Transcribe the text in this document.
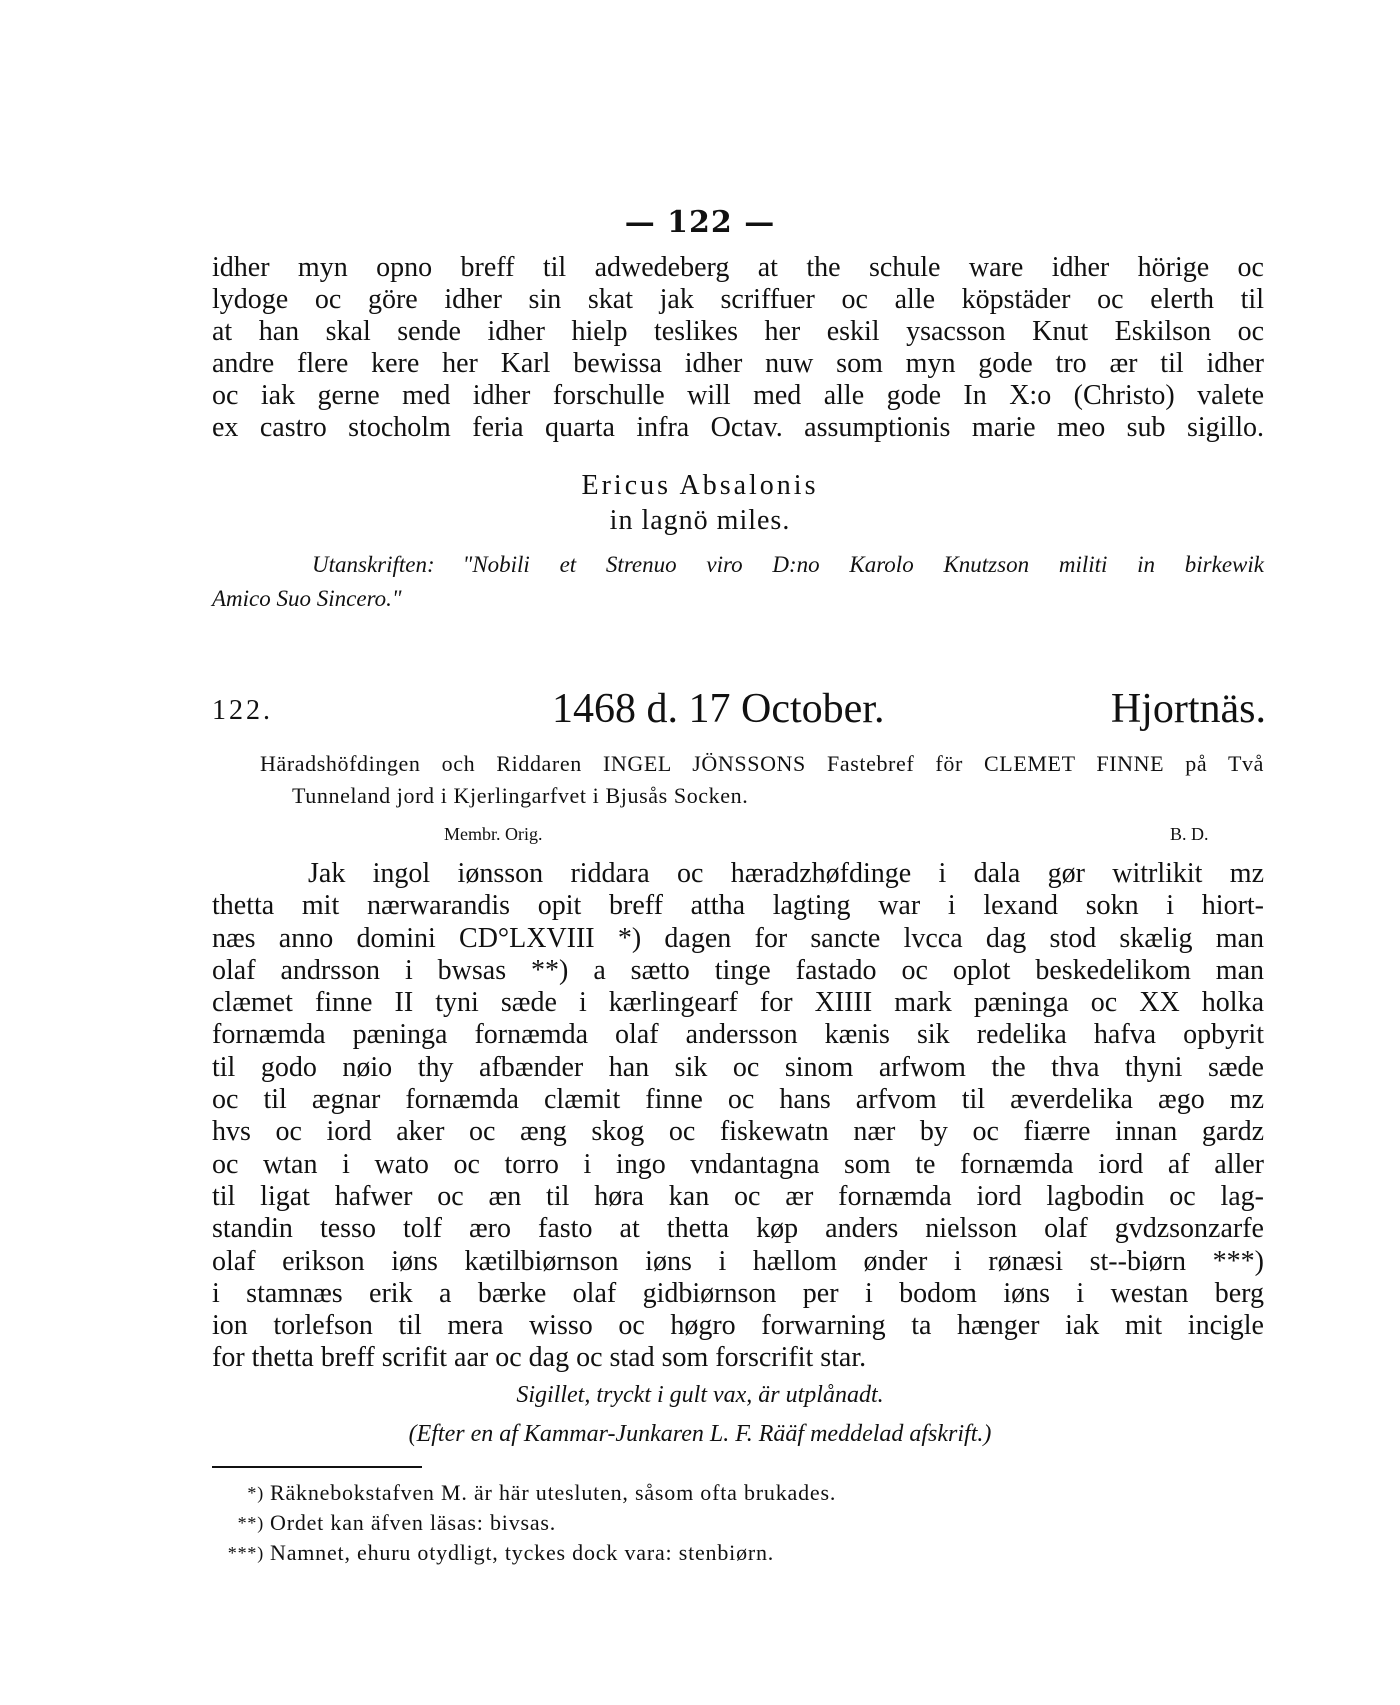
— 122 —
idher myn opno breff til adwedeberg at the schule ware idher hörige oc
lydoge oc göre idher sin skat jak scriffuer oc alle köpstäder oc elerth til
at han skal sende idher hielp teslikes her eskil ysacsson Knut Eskilson oc
andre flere kere her Karl bewissa idher nuw som myn gode tro ær til idher
oc iak gerne med idher forschulle will med alle gode In X:o (Christo) valete
ex castro stocholm feria quarta infra Octav. assumptionis marie meo sub sigillo.
Ericus Absalonis
in lagnö miles.
Utanskriften:	"Nobili et Strenuo viro D:no Karolo Knutzson militi in birkewik
Amico Suo Sincero."
122.	1468 d. 17 October.	Hjortnäs.
Häradshöfdingen och Riddaren INGEL JÖNSSONS Fastebref för CLEMET FINNE på Två
Tunneland jord i Kjerlingarfvet i Bjusås Socken.
Membr. Orig.	B. D.
Jak ingol iønsson riddara oc hæradzhøfdinge i dala gør witrlikit mz
thetta mit nærwarandis opit breff attha lagting war i lexand sokn i hiort-
næs anno domini CD°LXVIII *) dagen for sancte lvcca dag stod skælig man
olaf andrsson i bwsas **) a sætto tinge fastado oc oplot beskedelikom man
clæmet finne II tyni sæde i kærlingearf for XIIII mark pæninga oc XX holka
fornæmda pæninga fornæmda olaf andersson kænis sik redelika hafva opbyrit
til godo nøio thy afbænder han sik oc sinom arfwom the thva thyni sæde
oc til ægnar fornæmda clæmit finne oc hans arfvom til æverdelika ægo mz
hvs oc iord aker oc æng skog oc fiskewatn nær by oc fiærre innan gardz
oc wtan i wato oc torro i ingo vndantagna som te fornæmda iord af aller
til ligat hafwer oc æn til høra kan oc ær fornæmda iord lagbodin oc lag-
standin tesso tolf æro fasto at thetta køp anders nielsson olaf gvdzsonzarfe
olaf erikson iøns kætilbiørnson iøns i hællom ønder i rønæsi st--biørn ***)
i stamnæs erik a bærke olaf gidbiørnson per i bodom iøns i westan berg
ion torlefson til mera wisso oc høgro forwarning ta hænger iak mit incigle
for thetta breff scrifit aar oc dag oc stad som forscrifit star.
Sigillet, tryckt i gult vax, är utplånadt.
(Efter en af Kammar-Junkaren L. F. Rääf meddelad afskrift.)
*) Räknebokstafven M. är här utesluten, såsom ofta brukades.
**) Ordet kan äfven läsas: bivsas.
***) Namnet, ehuru otydligt, tyckes dock vara: stenbiørn.
